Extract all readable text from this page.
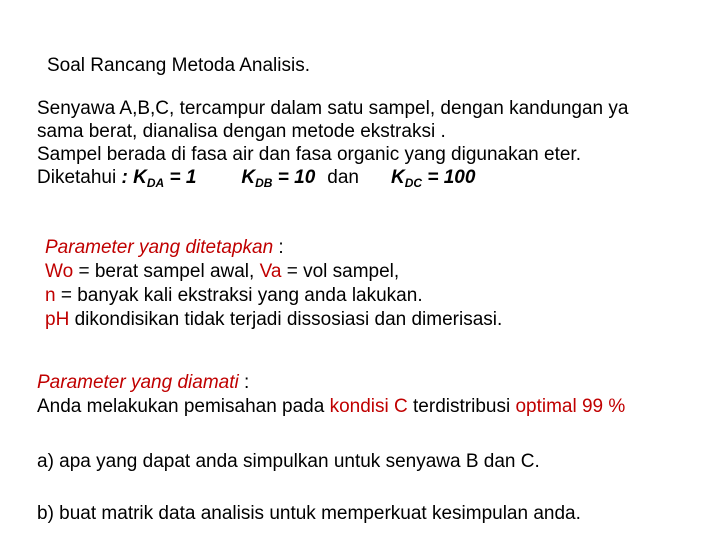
Soal Rancang Metoda Analisis.
Senyawa A,B,C, tercampur dalam satu sampel, dengan kandungan ya
sama berat, dianalisa dengan metode ekstraksi .
Sampel berada di fasa air dan fasa organic yang digunakan eter.
Diketahui : $K_{DA} = 1$ $K_{DB} = 10$ dan $K_{DC} = 100$
Parameter yang ditetapkan :
Wo = berat sampel awal, Va = vol sampel,
n = banyak kali ekstraksi yang anda lakukan.
pH dikondisikan tidak terjadi dissosiasi dan dimerisasi.
Parameter yang diamati :
Anda melakukan pemisahan pada kondisi C terdistribusi optimal 99 %
a) apa yang dapat anda simpulkan untuk senyawa B dan C.
b) buat matrik data analisis untuk memperkuat kesimpulan anda.
